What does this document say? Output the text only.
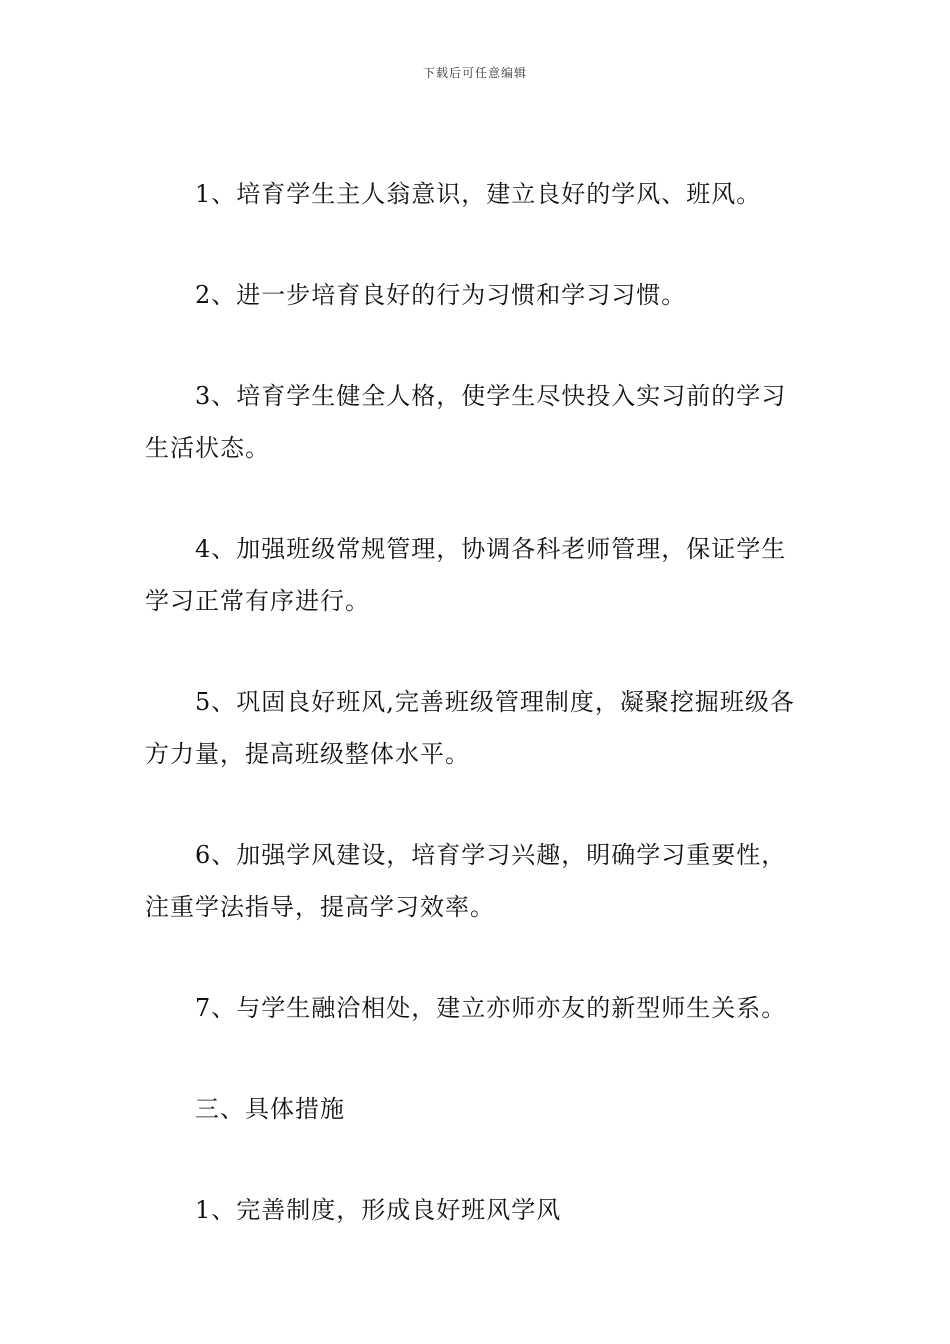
下载后可任意编辑

1、培育学生主人翁意识，建立良好的学风、班风。

2、进一步培育良好的行为习惯和学习习惯。

3、培育学生健全人格，使学生尽快投入实习前的学习生活状态。

4、加强班级常规管理，协调各科老师管理，保证学生学习正常有序进行。

5、巩固良好班风,完善班级管理制度，凝聚挖掘班级各方力量，提高班级整体水平。

6、加强学风建设，培育学习兴趣，明确学习重要性，注重学法指导，提高学习效率。

7、与学生融洽相处，建立亦师亦友的新型师生关系。

三、具体措施

1、完善制度，形成良好班风学风
